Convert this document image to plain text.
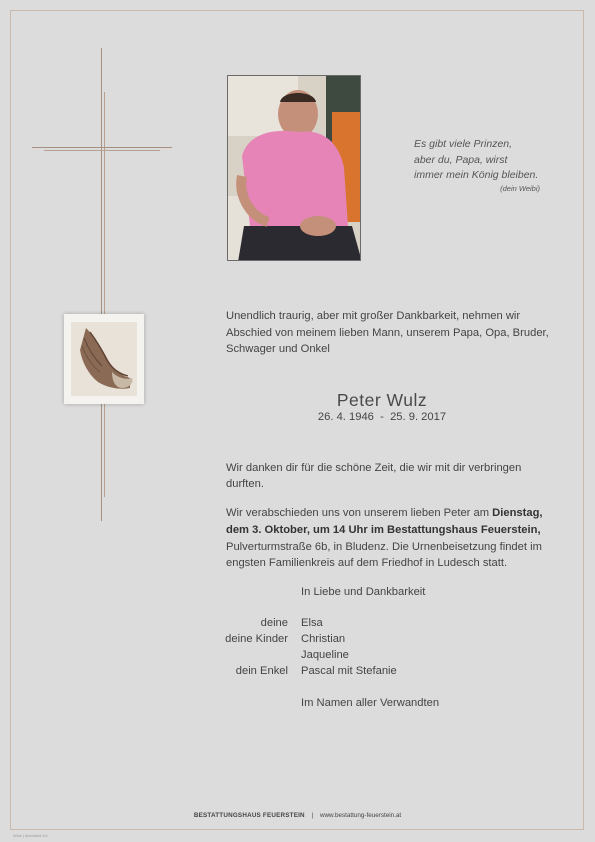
Es gibt viele Prinzen,
aber du, Papa, wirst
immer mein König bleiben.
(dein Weibi)
Unendlich traurig, aber mit großer Dankbarkeit, nehmen wir
Abschied von meinem lieben Mann, unserem Papa, Opa, Bruder,
Schwager und Onkel
Peter Wulz
26. 4. 1946  -  25. 9. 2017
Wir danken dir für die schöne Zeit, die wir mit dir verbringen
durften.
Wir verabschieden uns von unserem lieben Peter am Dienstag,
dem 3. Oktober, um 14 Uhr im Bestattungshaus Feuerstein,
Pulverturmstraße 6b, in Bludenz. Die Urnenbeisetzung findet im
engsten Familienkreis auf dem Friedhof in Ludesch statt.
In Liebe und Dankbarkeit
deine Elsa
deine Kinder Christian
Jaqueline
dein Enkel Pascal mit Stefanie
Im Namen aller Verwandten
BESTATTUNGSHAUS FEUERSTEIN | www.bestattung-feuerstein.at
Wulz | Abschied 4/1
